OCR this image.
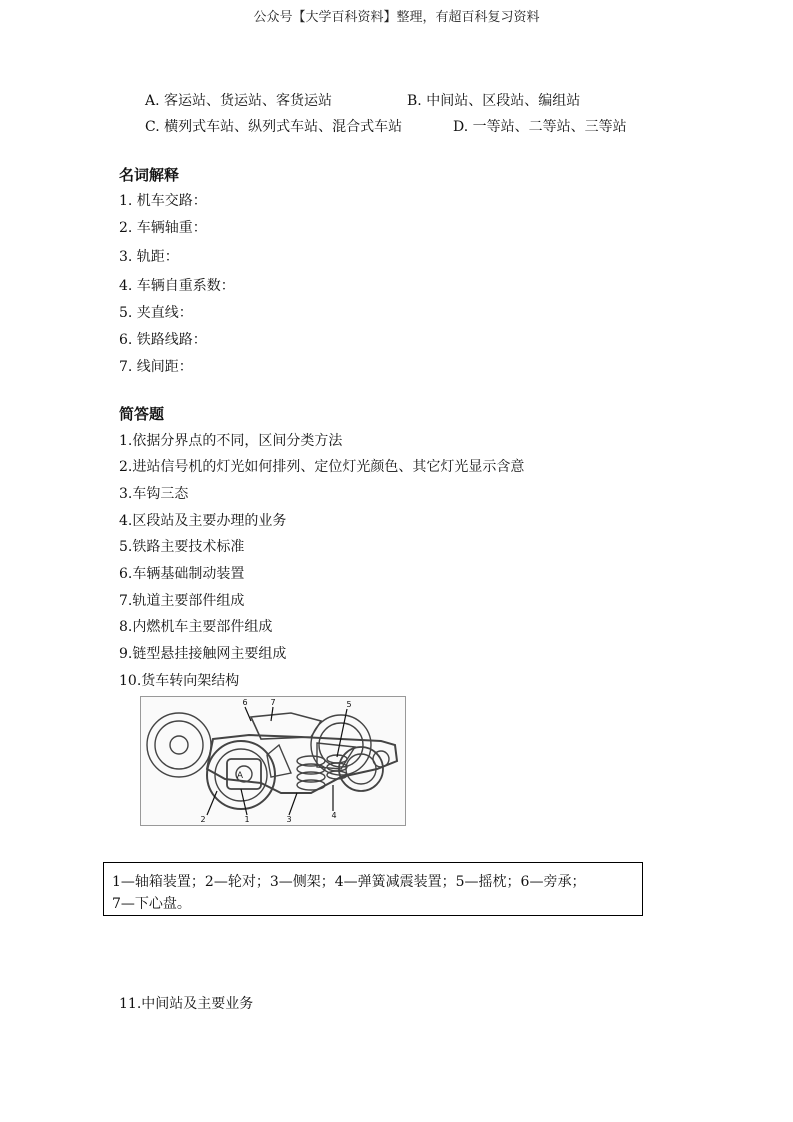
公众号【大学百科资料】整理，有超百科复习资料
A. 客运站、货运站、客货运站	B. 中间站、区段站、编组站
C. 横列式车站、纵列式车站、混合式车站	D. 一等站、二等站、三等站
名词解释
1. 机车交路：
2. 车辆轴重：
3. 轨距：
4. 车辆自重系数：
5. 夹直线：
6. 铁路线路：
7. 线间距：
简答题
1.依据分界点的不同，区间分类方法
2.进站信号机的灯光如何排列、定位灯光颜色、其它灯光显示含意
3.车钩三态
4.区段站及主要办理的业务
5.铁路主要技术标准
6.车辆基础制动装置
7.轨道主要部件组成
8.内燃机车主要部件组成
9.链型悬挂接触网主要组成
10.货车转向架结构
A
6	7	5
2	1	3	4
1—轴箱装置；2—轮对；3—侧架；4—弹簧减震装置；5—摇枕；6—旁承；
7—下心盘。
11.中间站及主要业务
